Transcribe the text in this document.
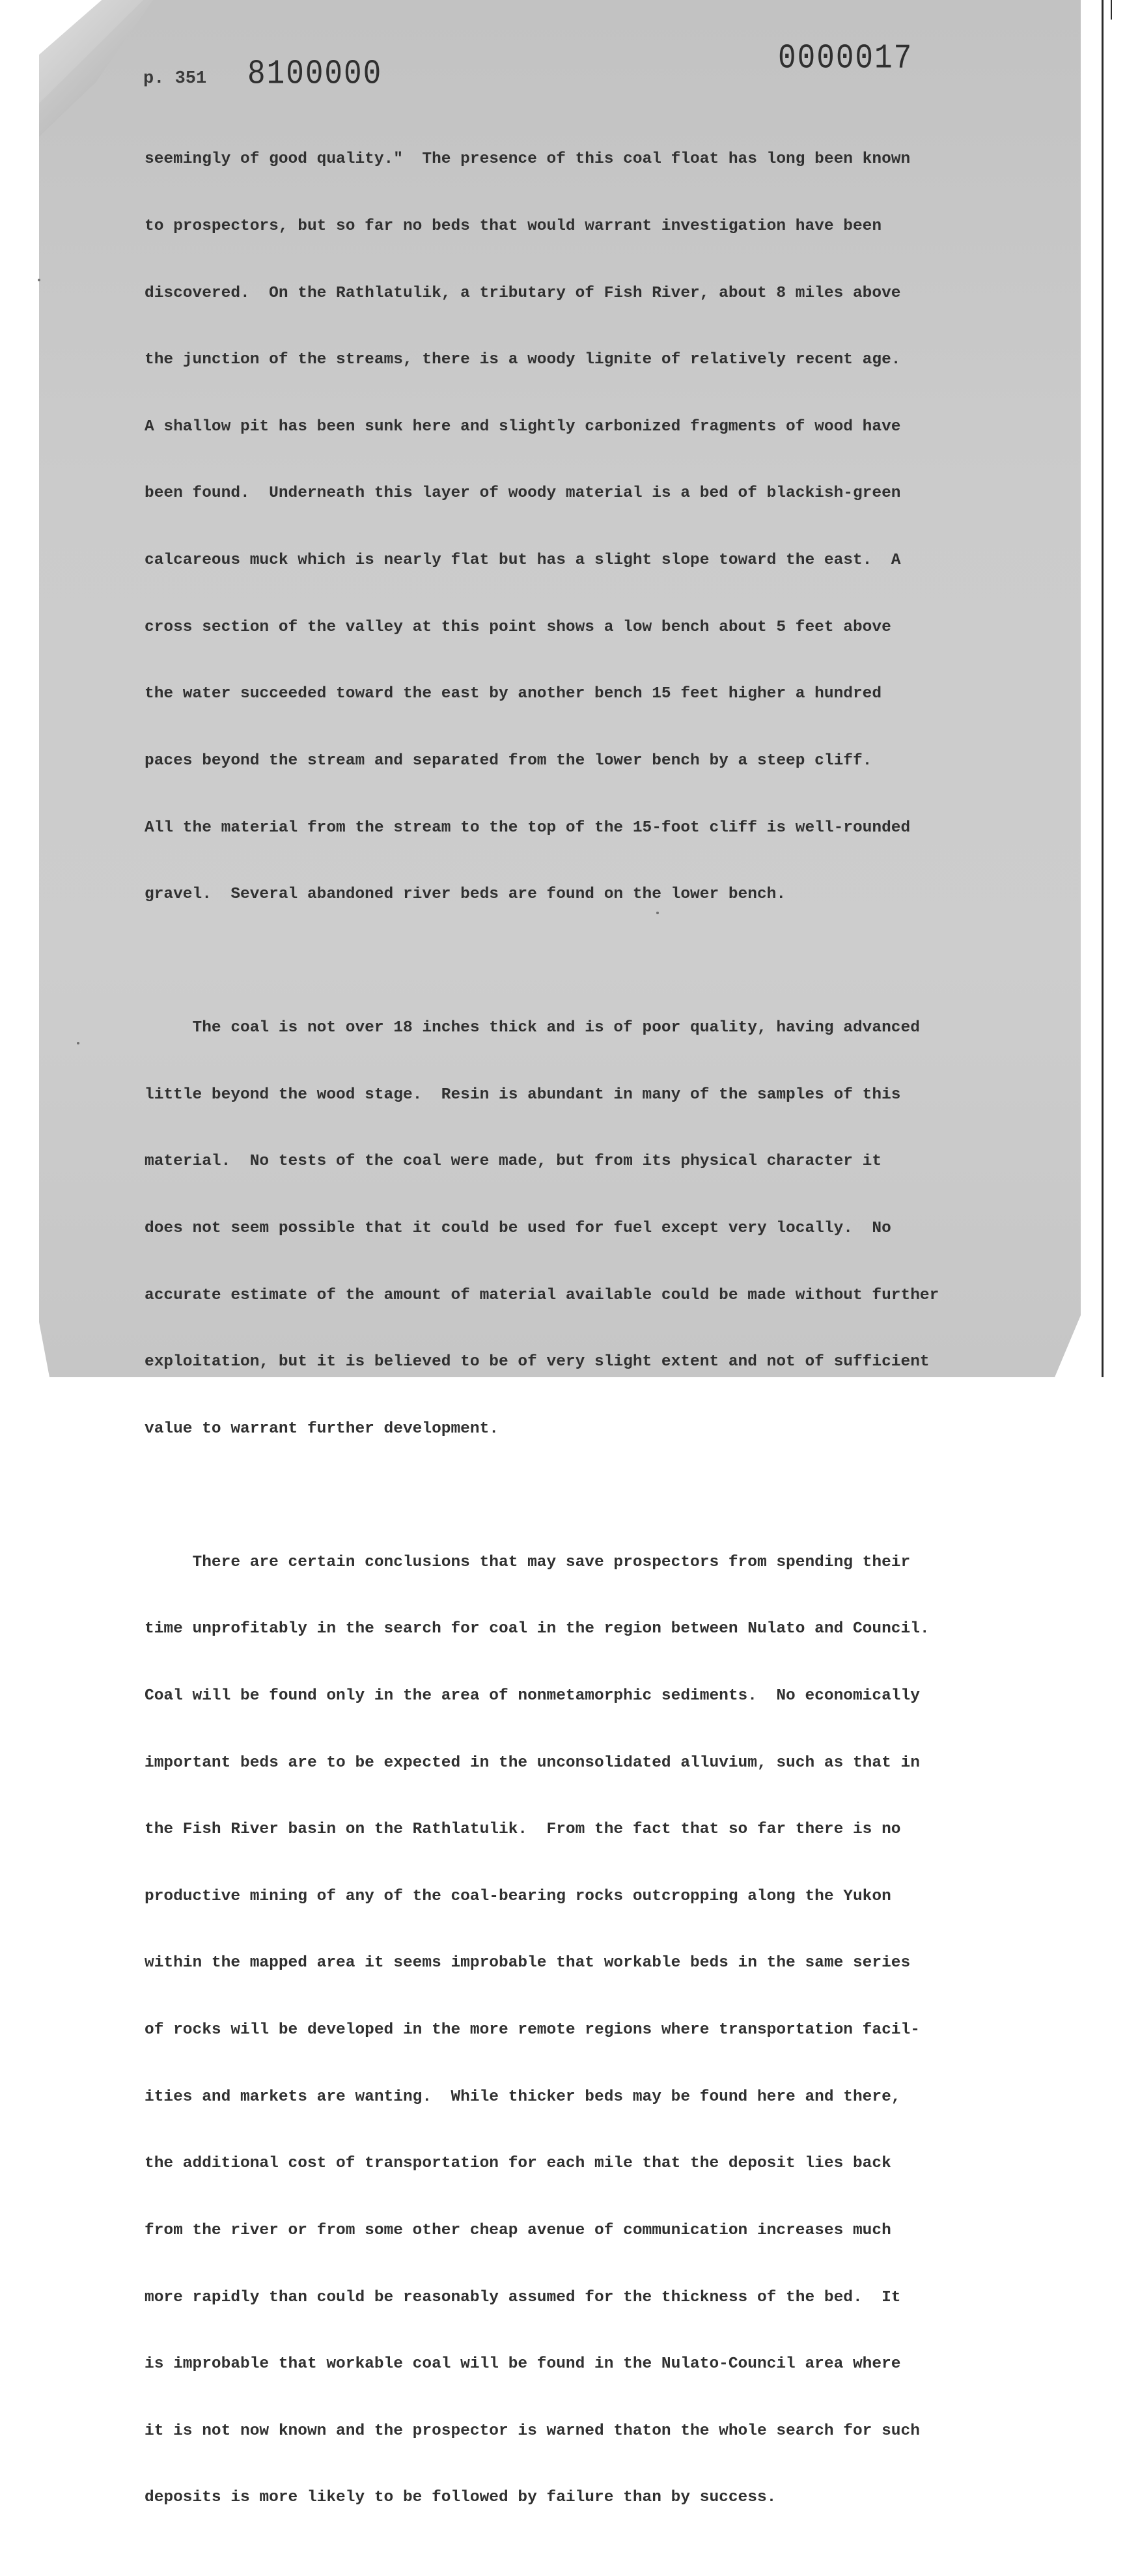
p. 351 8100000	0000017

seemingly of good quality."  The presence of this coal float has long been known

to prospectors, but so far no beds that would warrant investigation have been

discovered.  On the Rathlatulik, a tributary of Fish River, about 8 miles above

the junction of the streams, there is a woody lignite of relatively recent age.

A shallow pit has been sunk here and slightly carbonized fragments of wood have

been found.  Underneath this layer of woody material is a bed of blackish-green

calcareous muck which is nearly flat but has a slight slope toward the east.  A

cross section of the valley at this point shows a low bench about 5 feet above

the water succeeded toward the east by another bench 15 feet higher a hundred

paces beyond the stream and separated from the lower bench by a steep cliff.

All the material from the stream to the top of the 15-foot cliff is well-rounded

gravel.  Several abandoned river beds are found on the lower bench.

The coal is not over 18 inches thick and is of poor quality, having advanced

little beyond the wood stage.  Resin is abundant in many of the samples of this

material.  No tests of the coal were made, but from its physical character it

does not seem possible that it could be used for fuel except very locally.  No

accurate estimate of the amount of material available could be made without further

exploitation, but it is believed to be of very slight extent and not of sufficient

value to warrant further development.

There are certain conclusions that may save prospectors from spending their

time unprofitably in the search for coal in the region between Nulato and Council.

Coal will be found only in the area of nonmetamorphic sediments.  No economically

important beds are to be expected in the unconsolidated alluvium, such as that in

the Fish River basin on the Rathlatulik.  From the fact that so far there is no

productive mining of any of the coal-bearing rocks outcropping along the Yukon

within the mapped area it seems improbable that workable beds in the same series

of rocks will be developed in the more remote regions where transportation facil-

ities and markets are wanting.  While thicker beds may be found here and there,

the additional cost of transportation for each mile that the deposit lies back

from the river or from some other cheap avenue of communication increases much

more rapidly than could be reasonably assumed for the thickness of the bed.  It

is improbable that workable coal will be found in the Nulato-Council area where

it is not now known and the prospector is warned thaton the whole search for such

deposits is more likely to be followed by failure than by success.
